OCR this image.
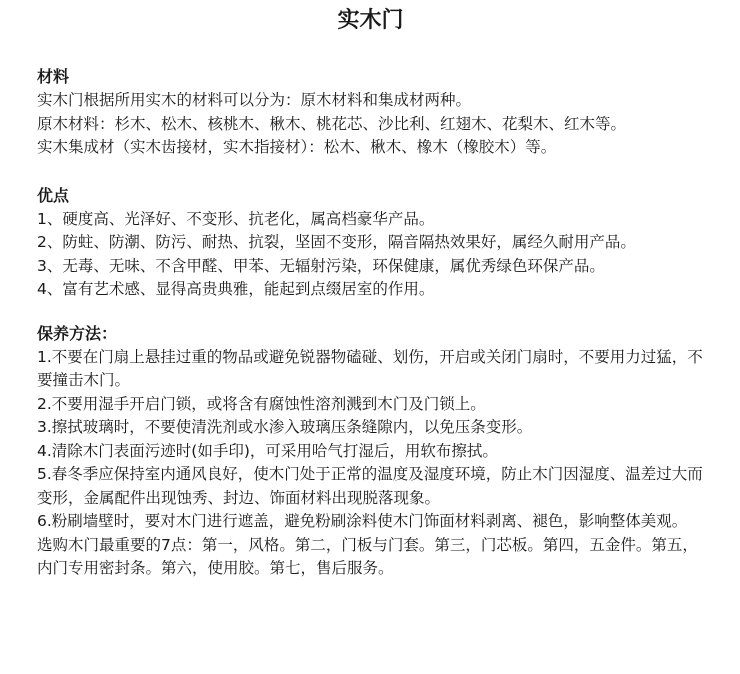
实木门

材料

实木门根据所用实木的材料可以分为：原木材料和集成材两种。

原木材料：杉木、松木、核桃木、楸木、桃花芯、沙比利、红翅木、花梨木、红木等。

实木集成材（实木齿接材，实木指接材）：松木、楸木、橡木（橡胶木）等。

优点

1、硬度高、光泽好、不变形、抗老化，属高档豪华产品。

2、防蛀、防潮、防污、耐热、抗裂，坚固不变形，隔音隔热效果好，属经久耐用产品。

3、无毒、无味、不含甲醛、甲苯、无辐射污染，环保健康，属优秀绿色环保产品。

4、富有艺术感、显得高贵典雅，能起到点缀居室的作用。

保养方法：

1.不要在门扇上悬挂过重的物品或避免锐器物磕碰、划伤，开启或关闭门扇时，不要用力过猛，不要撞击木门。

2.不要用湿手开启门锁，或将含有腐蚀性溶剂溅到木门及门锁上。

3.擦拭玻璃时，不要使清洗剂或水渗入玻璃压条缝隙内，以免压条变形。

4.清除木门表面污迹时(如手印)，可采用哈气打湿后，用软布擦拭。

5.春冬季应保持室内通风良好，使木门处于正常的温度及湿度环境，防止木门因湿度、温差过大而变形，金属配件出现蚀秀、封边、饰面材料出现脱落现象。

6.粉刷墙壁时，要对木门进行遮盖，避免粉刷涂料使木门饰面材料剥离、褪色，影响整体美观。

选购木门最重要的7点：第一，风格。第二，门板与门套。第三，门芯板。第四，五金件。第五，内门专用密封条。第六，使用胶。第七，售后服务。
